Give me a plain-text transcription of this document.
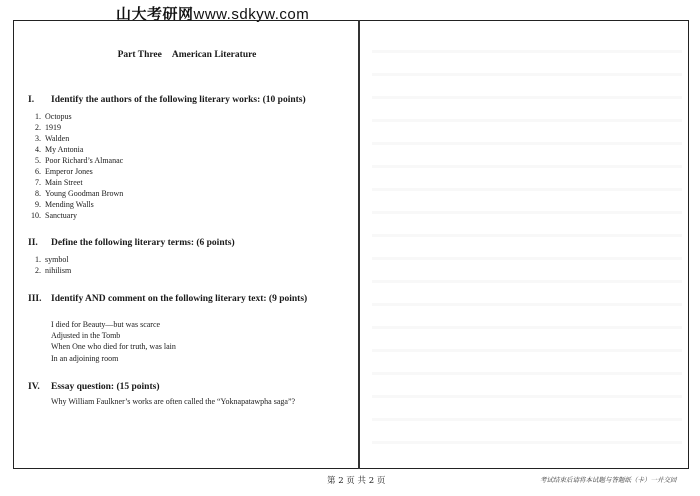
山大考研网www.sdkyw.com
Part Three American Literature
I.	Identify the authors of the following literary works: (10 points)
1. Octopus
2. 1919
3. Walden
4. My Antonia
5. Poor Richard’s Almanac
6. Emperor Jones
7. Main Street
8. Young Goodman Brown
9. Mending Walls
10. Sanctuary
II.	Define the following literary terms: (6 points)
1. symbol
2. nihilism
III.	Identify AND comment on the following literary text: (9 points)
I died for Beauty—but was scarce
Adjusted in the Tomb
When One who died for truth, was lain
In an adjoining room
IV.	Essay question: (15 points)
Why William Faulkner’s works are often called the “Yoknapatawpha saga”?
第 2 页 共 2 页	考试结束后请将本试题与答题纸（卡）一并交回
